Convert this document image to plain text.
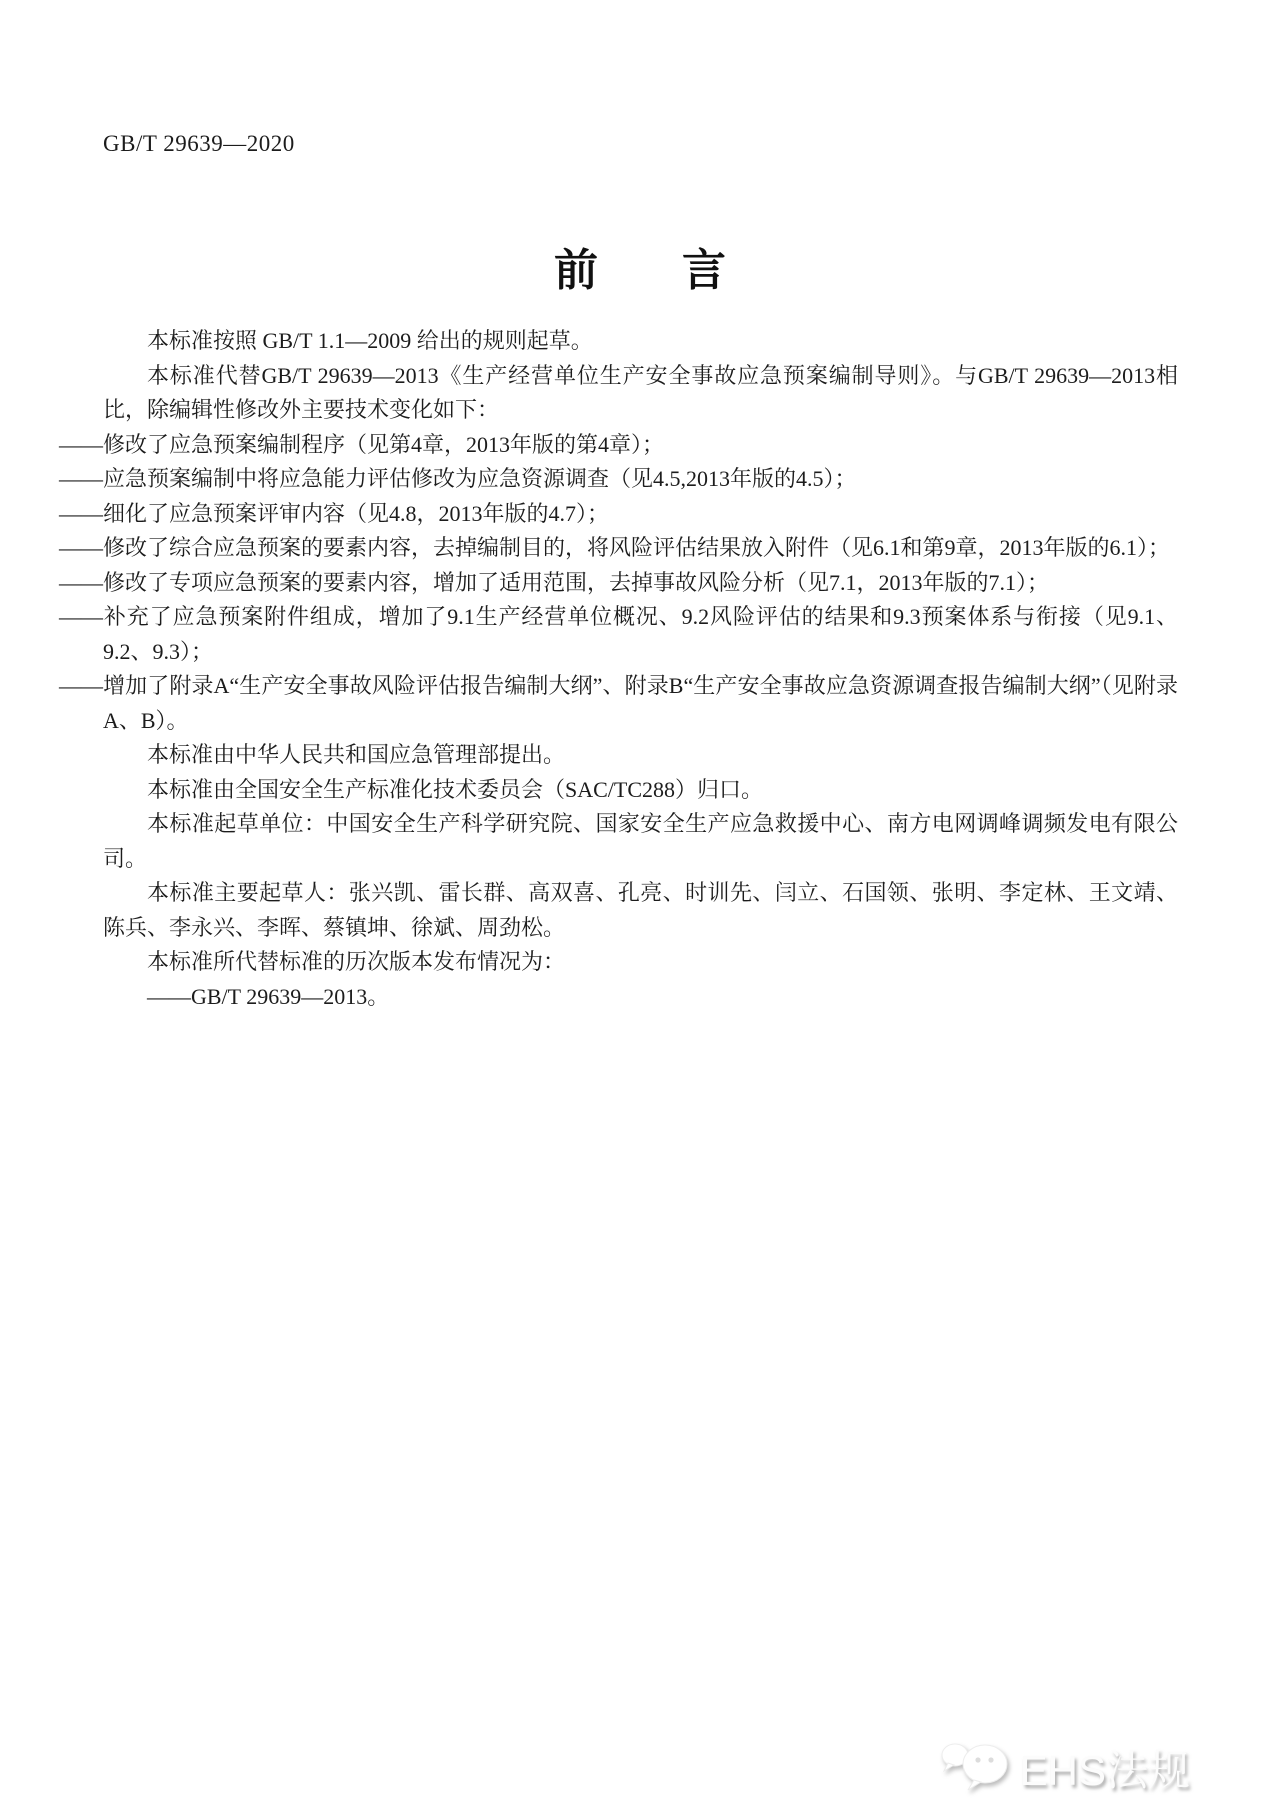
GB/T 29639—2020
前 言

本标准按照 GB/T 1.1—2009 给出的规则起草。

本标准代替GB/T 29639—2013《生产经营单位生产安全事故应急预案编制导则》。与GB/T 29639—2013相比，除编辑性修改外主要技术变化如下：

——修改了应急预案编制程序（见第4章，2013年版的第4章）；

——应急预案编制中将应急能力评估修改为应急资源调查（见4.5,2013年版的4.5）；

——细化了应急预案评审内容（见4.8，2013年版的4.7）；

——修改了综合应急预案的要素内容，去掉编制目的，将风险评估结果放入附件（见6.1和第9章，2013年版的6.1）；

——修改了专项应急预案的要素内容，增加了适用范围，去掉事故风险分析（见7.1，2013年版的7.1）；

——补充了应急预案附件组成，增加了9.1生产经营单位概况、9.2风险评估的结果和9.3预案体系与衔接（见9.1、9.2、9.3）；

——增加了附录A“生产安全事故风险评估报告编制大纲”、附录B“生产安全事故应急资源调查报告编制大纲”（见附录A、B）。

本标准由中华人民共和国应急管理部提出。

本标准由全国安全生产标准化技术委员会（SAC/TC288）归口。

本标准起草单位：中国安全生产科学研究院、国家安全生产应急救援中心、南方电网调峰调频发电有限公司。

本标准主要起草人：张兴凯、雷长群、高双喜、孔亮、时训先、闫立、石国领、张明、李定林、王文靖、陈兵、李永兴、李晖、蔡镇坤、徐斌、周劲松。

本标准所代替标准的历次版本发布情况为：

——GB/T 29639—2013。

EHS法规
